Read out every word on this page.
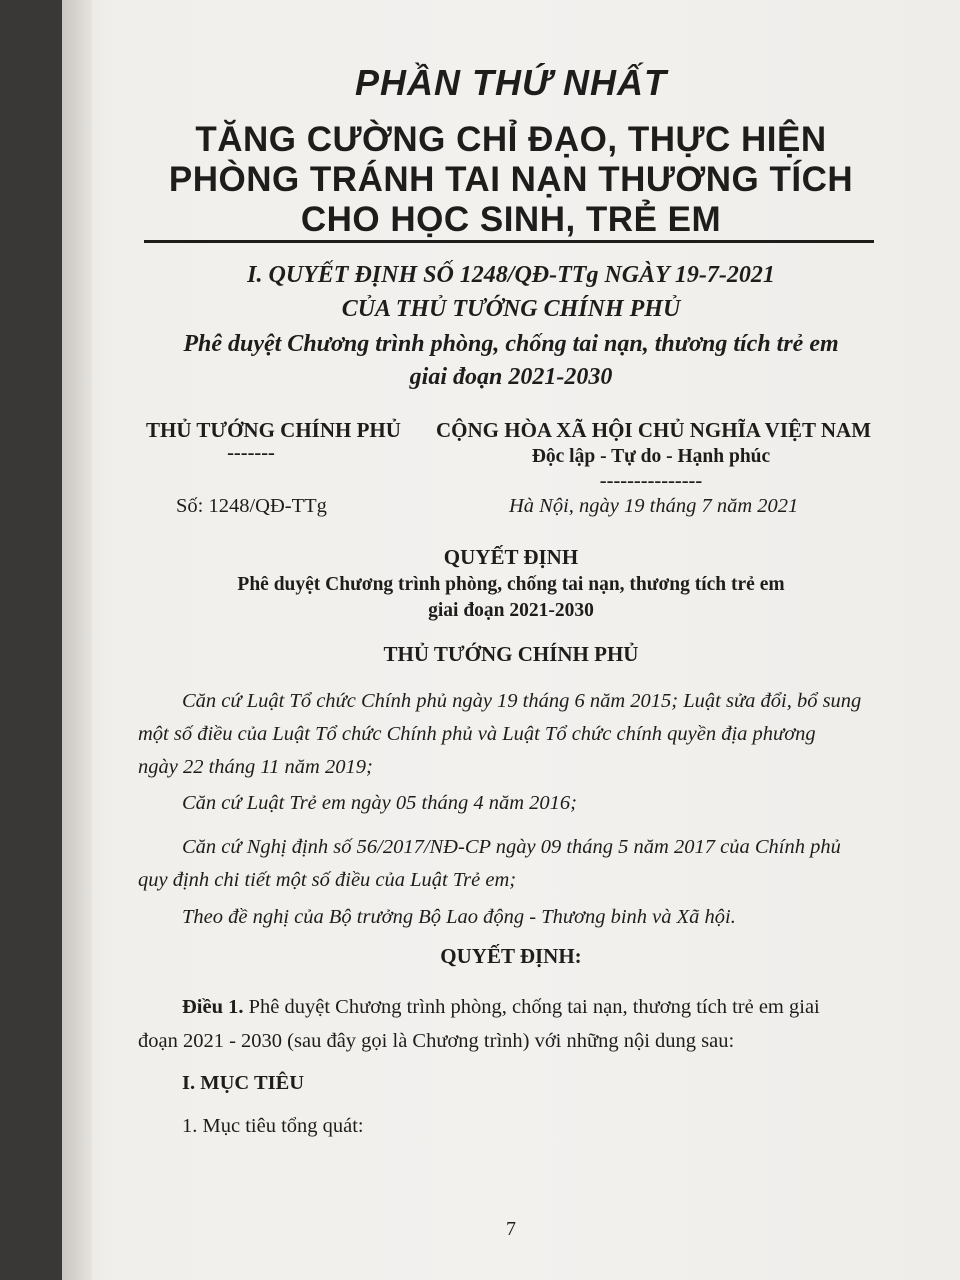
PHẦN THỨ NHẤT
TĂNG CƯỜNG CHỈ ĐẠO, THỰC HIỆN
PHÒNG TRÁNH TAI NẠN THƯƠNG TÍCH
CHO HỌC SINH, TRẺ EM
I. QUYẾT ĐỊNH SỐ 1248/QĐ-TTg NGÀY 19-7-2021
CỦA THỦ TƯỚNG CHÍNH PHỦ
Phê duyệt Chương trình phòng, chống tai nạn, thương tích trẻ em
giai đoạn 2021-2030
THỦ TƯỚNG CHÍNH PHỦ
-------
Số: 1248/QĐ-TTg
CỘNG HÒA XÃ HỘI CHỦ NGHĨA VIỆT NAM
Độc lập - Tự do - Hạnh phúc
---------------
Hà Nội, ngày 19 tháng 7 năm 2021
QUYẾT ĐỊNH
Phê duyệt Chương trình phòng, chống tai nạn, thương tích trẻ em
giai đoạn 2021-2030
THỦ TƯỚNG CHÍNH PHỦ
Căn cứ Luật Tổ chức Chính phủ ngày 19 tháng 6 năm 2015; Luật sửa đổi, bổ sung
một số điều của Luật Tổ chức Chính phủ và Luật Tổ chức chính quyền địa phương
ngày 22 tháng 11 năm 2019;
Căn cứ Luật Trẻ em ngày 05 tháng 4 năm 2016;
Căn cứ Nghị định số 56/2017/NĐ-CP ngày 09 tháng 5 năm 2017 của Chính phủ
quy định chi tiết một số điều của Luật Trẻ em;
Theo đề nghị của Bộ trưởng Bộ Lao động - Thương binh và Xã hội.
QUYẾT ĐỊNH:
Điều 1. Phê duyệt Chương trình phòng, chống tai nạn, thương tích trẻ em giai
đoạn 2021 - 2030 (sau đây gọi là Chương trình) với những nội dung sau:
I. MỤC TIÊU
1. Mục tiêu tổng quát:
7
